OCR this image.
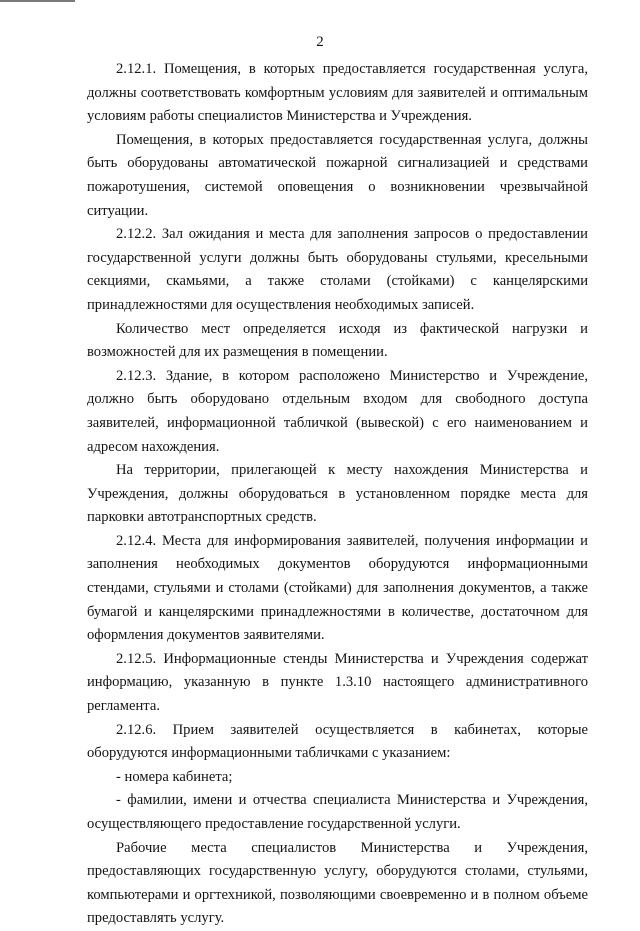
2

2.12.1. Помещения, в которых предоставляется государственная услуга, должны соответствовать комфортным условиям для заявителей и оптимальным условиям работы специалистов Министерства и Учреждения.

Помещения, в которых предоставляется государственная услуга, должны быть оборудованы автоматической пожарной сигнализацией и средствами пожаротушения, системой оповещения о возникновении чрезвычайной ситуации.

2.12.2. Зал ожидания и места для заполнения запросов о предоставлении государственной услуги должны быть оборудованы стульями, кресельными секциями, скамьями, а также столами (стойками) с канцелярскими принадлежностями для осуществления необходимых записей.

Количество мест определяется исходя из фактической нагрузки и возможностей для их размещения в помещении.

2.12.3. Здание, в котором расположено Министерство и Учреждение, должно быть оборудовано отдельным входом для свободного доступа заявителей, информационной табличкой (вывеской) с его наименованием и адресом нахождения.

На территории, прилегающей к месту нахождения Министерства и Учреждения, должны оборудоваться в установленном порядке места для парковки автотранспортных средств.

2.12.4. Места для информирования заявителей, получения информации и заполнения необходимых документов оборудуются информационными стендами, стульями и столами (стойками) для заполнения документов, а также бумагой и канцелярскими принадлежностями в количестве, достаточном для оформления документов заявителями.

2.12.5. Информационные стенды Министерства и Учреждения содержат информацию, указанную в пункте 1.3.10 настоящего административного регламента.

2.12.6. Прием заявителей осуществляется в кабинетах, которые оборудуются информационными табличками с указанием:

- номера кабинета;

- фамилии, имени и отчества специалиста Министерства и Учреждения, осуществляющего предоставление государственной услуги.

Рабочие места специалистов Министерства и Учреждения, предоставляющих государственную услугу, оборудуются столами, стульями, компьютерами и оргтехникой, позволяющими своевременно и в полном объеме предоставлять услугу.
